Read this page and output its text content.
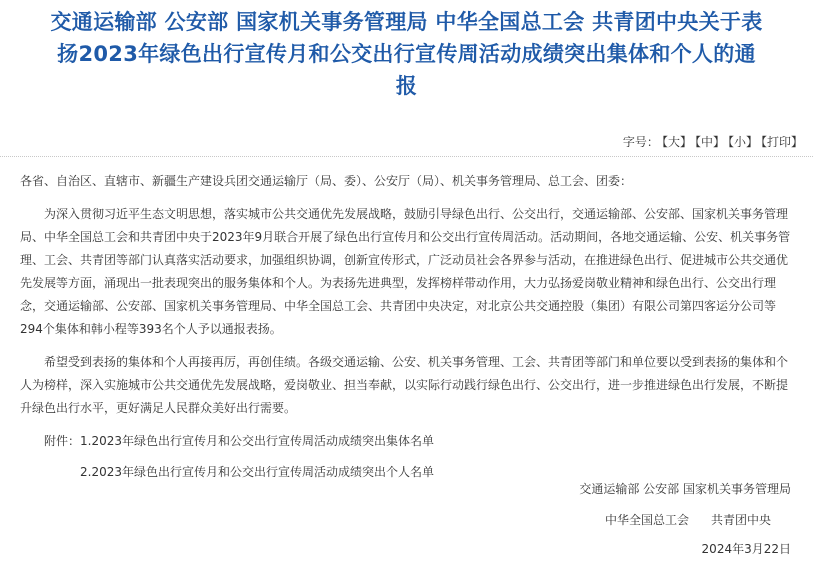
交通运输部 公安部 国家机关事务管理局 中华全国总工会 共青团中央关于表
扬2023年绿色出行宣传月和公交出行宣传周活动成绩突出集体和个人的通
报
字号： 【大】 【中】 【小】 【打印】

各省、自治区、直辖市、新疆生产建设兵团交通运输厅（局、委）、公安厅（局）、机关事务管理局、总工会、团委：

为深入贯彻习近平生态文明思想，落实城市公共交通优先发展战略，鼓励引导绿色出行、公交出行，交通运输部、公安部、国家机关事务管理局、中华全国总工会和共青团中央于2023年9月联合开展了绿色出行宣传月和公交出行宣传周活动。活动期间，各地交通运输、公安、机关事务管理、工会、共青团等部门认真落实活动要求，加强组织协调，创新宣传形式，广泛动员社会各界参与活动，在推进绿色出行、促进城市公共交通优先发展等方面，涌现出一批表现突出的服务集体和个人。为表扬先进典型，发挥榜样带动作用，大力弘扬爱岗敬业精神和绿色出行、公交出行理念，交通运输部、公安部、国家机关事务管理局、中华全国总工会、共青团中央决定，对北京公共交通控股（集团）有限公司第四客运分公司等294个集体和韩小程等393名个人予以通报表扬。

希望受到表扬的集体和个人再接再厉，再创佳绩。各级交通运输、公安、机关事务管理、工会、共青团等部门和单位要以受到表扬的集体和个人为榜样，深入实施城市公共交通优先发展战略，爱岗敬业、担当奉献，以实际行动践行绿色出行、公交出行，进一步推进绿色出行发展，不断提升绿色出行水平，更好满足人民群众美好出行需要。

附件：1.2023年绿色出行宣传月和公交出行宣传周活动成绩突出集体名单

2.2023年绿色出行宣传月和公交出行宣传周活动成绩突出个人名单

交通运输部 公安部 国家机关事务管理局
中华全国总工会 共青团中央
2024年3月22日
